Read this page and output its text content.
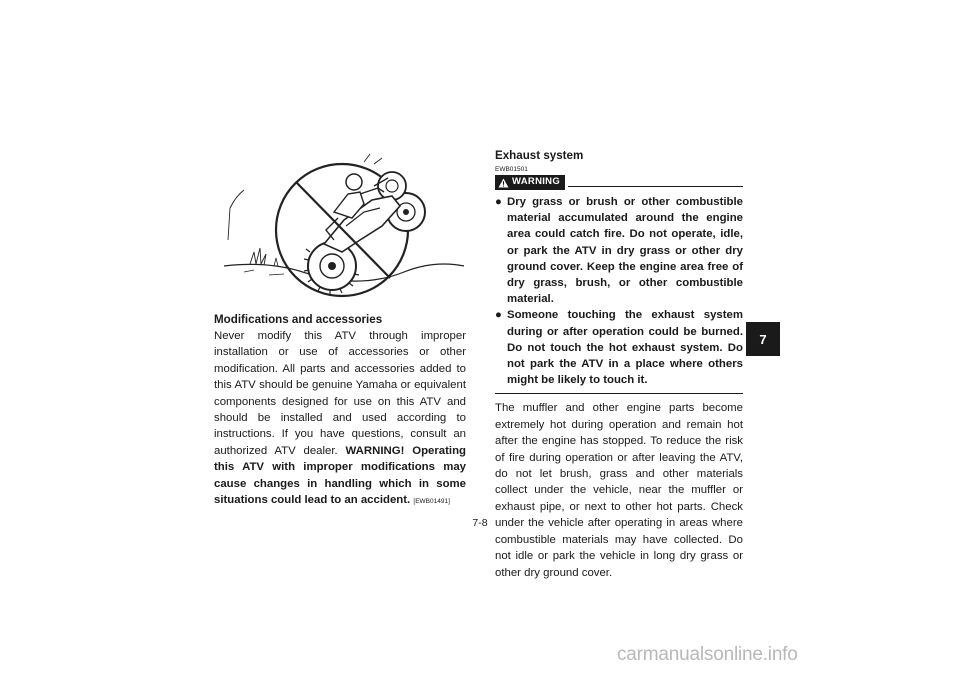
Modifications and accessories

Never modify this ATV through improper installation or use of accessories or other modification. All parts and accessories added to this ATV should be genuine Yamaha or equivalent components designed for use on this ATV and should be installed and used according to instructions. If you have questions, consult an authorized ATV dealer. WARNING! Operating this ATV with improper modifications may cause changes in handling which in some situations could lead to an accident. [EWB01491]

Exhaust system
EWB01501
WARNING
● Dry grass or brush or other combustible material accumulated around the engine area could catch fire. Do not operate, idle, or park the ATV in dry grass or other dry ground cover. Keep the engine area free of dry grass, brush, or other combustible material.
● Someone touching the exhaust system during or after operation could be burned. Do not touch the hot exhaust system. Do not park the ATV in a place where others might be likely to touch it.

The muffler and other engine parts become extremely hot during operation and remain hot after the engine has stopped. To reduce the risk of fire during operation or after leaving the ATV, do not let brush, grass and other materials collect under the vehicle, near the muffler or exhaust pipe, or next to other hot parts. Check under the vehicle after operating in areas where combustible materials may have collected. Do not idle or park the vehicle in long dry grass or other dry ground cover.

7
7-8
carmanualsonline.info
